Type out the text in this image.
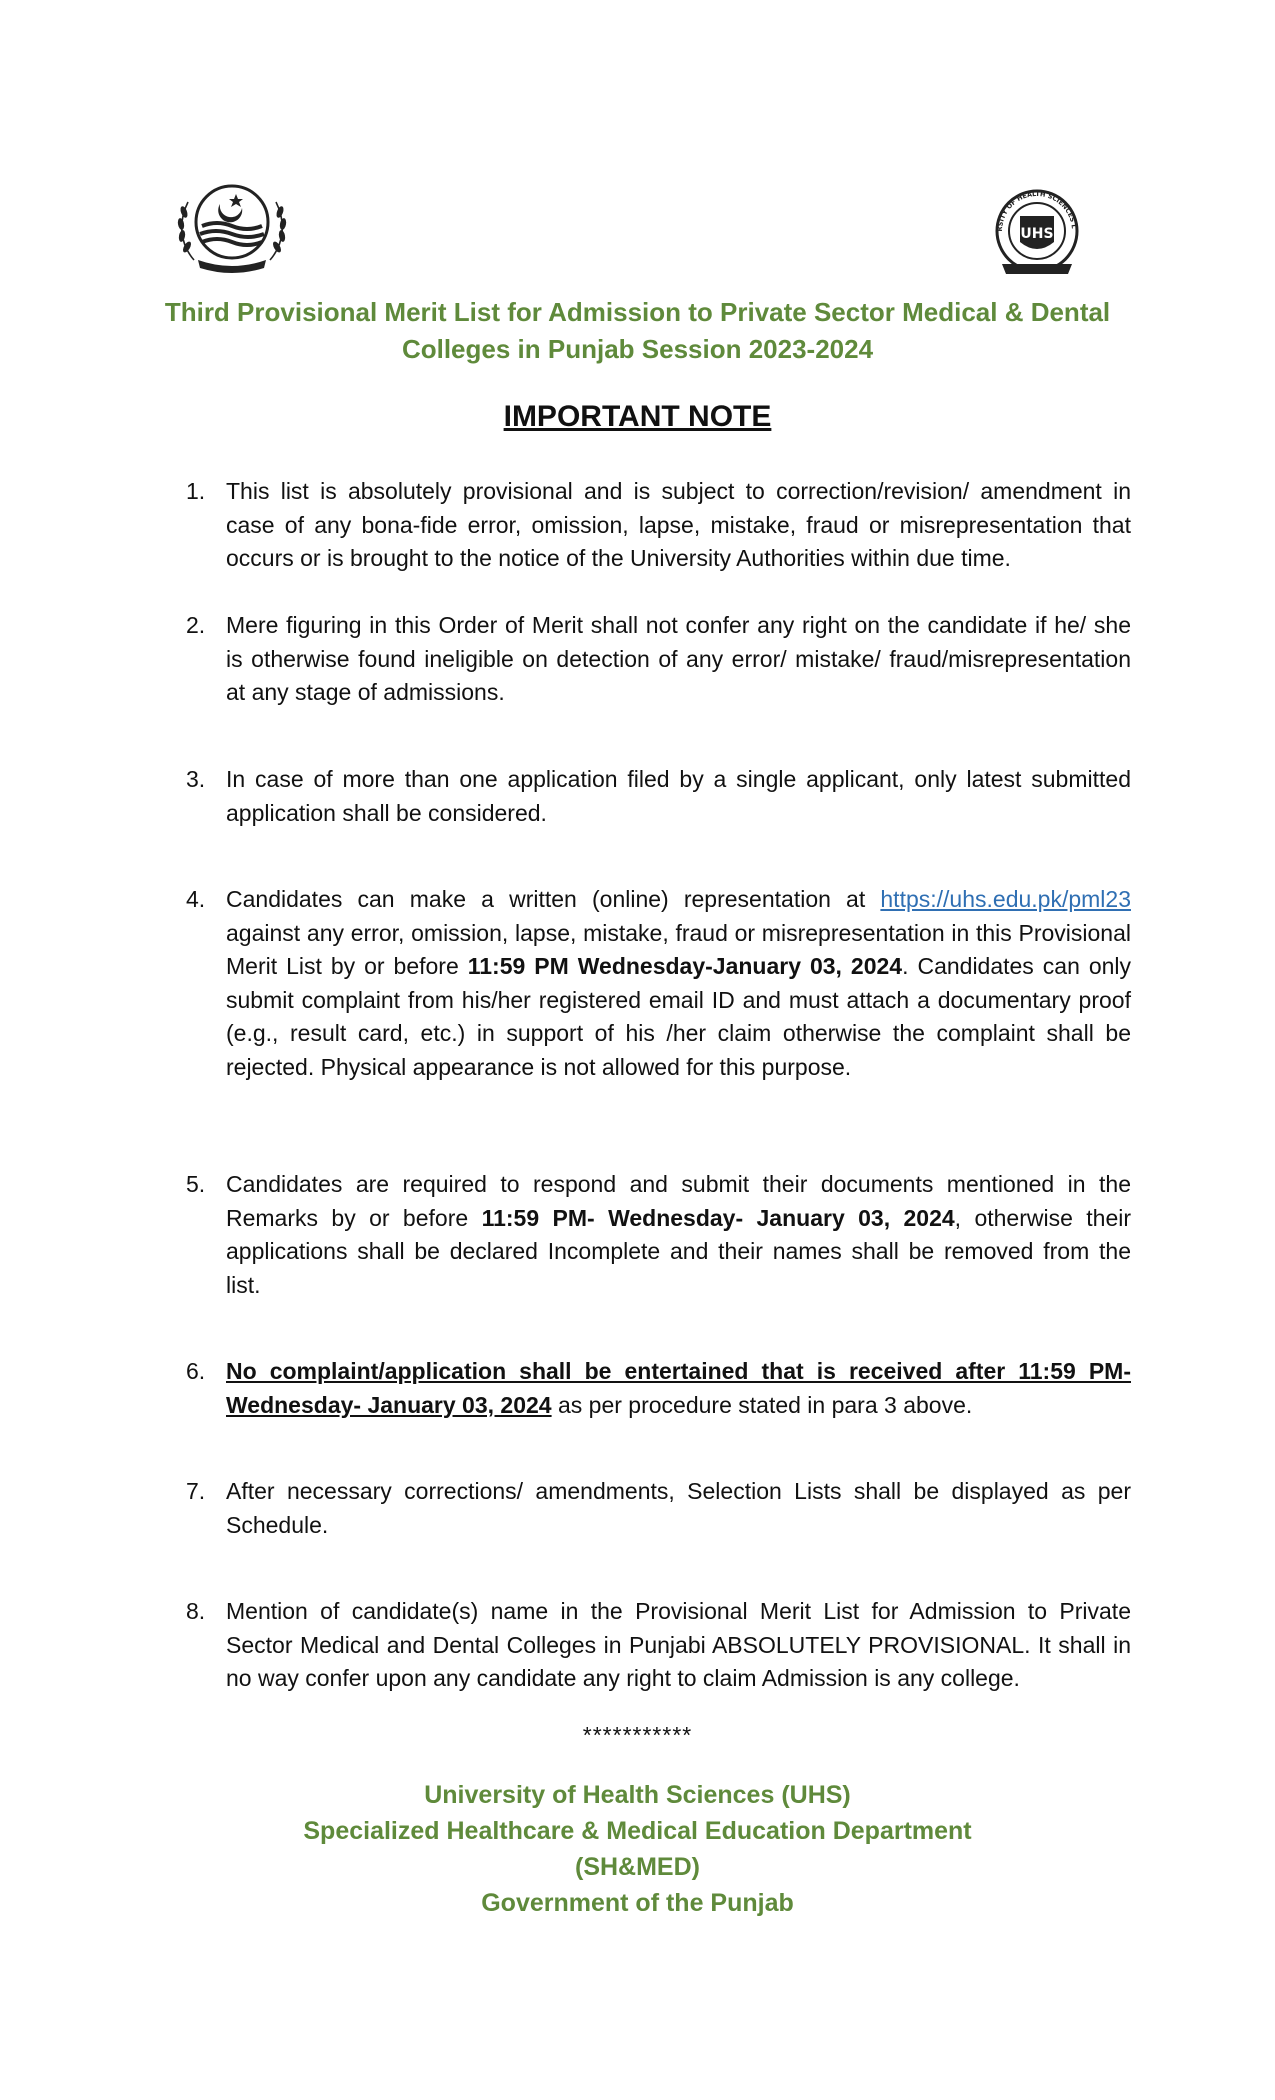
RSITY OF HEALTH SCIENCES L
UHS
Third Provisional Merit List for Admission to Private Sector Medical & Dental
Colleges in Punjab Session 2023-2024
IMPORTANT NOTE
1. This list is absolutely provisional and is subject to correction/revision/ amendment in case of any bona-fide error, omission, lapse, mistake, fraud or misrepresentation that occurs or is brought to the notice of the University Authorities within due time.
2. Mere figuring in this Order of Merit shall not confer any right on the candidate if he/ she is otherwise found ineligible on detection of any error/ mistake/ fraud/misrepresentation at any stage of admissions.
3. In case of more than one application filed by a single applicant, only latest submitted application shall be considered.
4. Candidates can make a written (online) representation at https://uhs.edu.pk/pml23 against any error, omission, lapse, mistake, fraud or misrepresentation in this Provisional Merit List by or before 11:59 PM Wednesday-January 03, 2024. Candidates can only submit complaint from his/her registered email ID and must attach a documentary proof (e.g., result card, etc.) in support of his /her claim otherwise the complaint shall be rejected. Physical appearance is not allowed for this purpose.
5. Candidates are required to respond and submit their documents mentioned in the Remarks by or before 11:59 PM- Wednesday- January 03, 2024, otherwise their applications shall be declared Incomplete and their names shall be removed from the list.
6. No complaint/application shall be entertained that is received after 11:59 PM-Wednesday- January 03, 2024 as per procedure stated in para 3 above.
7. After necessary corrections/ amendments, Selection Lists shall be displayed as per Schedule.
8. Mention of candidate(s) name in the Provisional Merit List for Admission to Private Sector Medical and Dental Colleges in Punjabi ABSOLUTELY PROVISIONAL. It shall in no way confer upon any candidate any right to claim Admission is any college.
***********
University of Health Sciences (UHS)
Specialized Healthcare & Medical Education Department
(SH&MED)
Government of the Punjab
